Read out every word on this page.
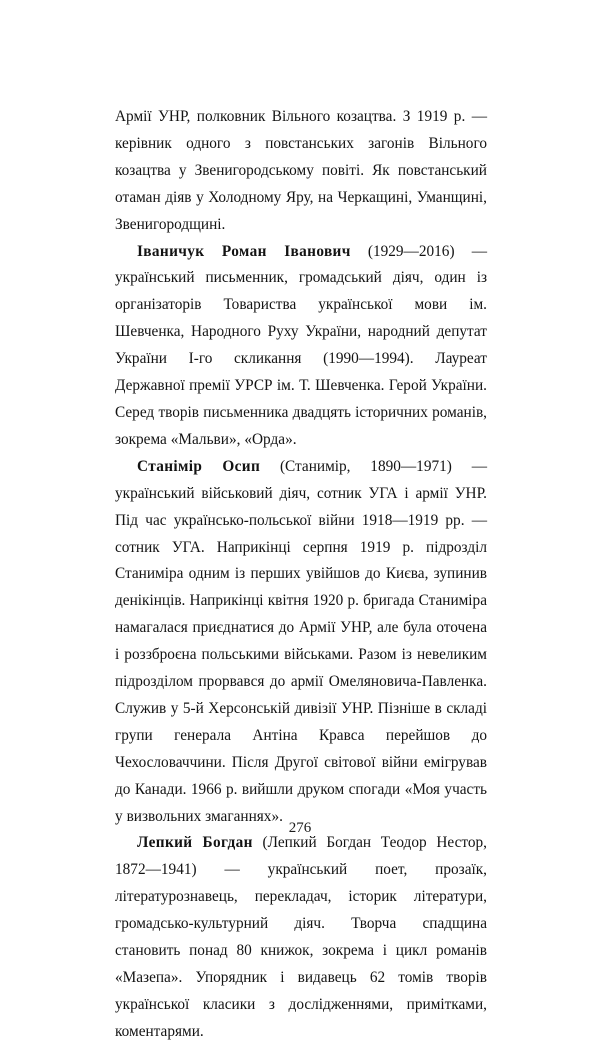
Армії УНР, полковник Вільного козацтва. З 1919 р. — керівник одного з повстанських загонів Вільного козацтва у Звенигородському повіті. Як повстанський отаман діяв у Холодному Яру, на Черкащині, Уманщині, Звенигородщині.

Іваничук Роман Іванович (1929—2016) — український письменник, громадський діяч, один із організаторів Товариства української мови ім. Шевченка, Народного Руху України, народний депутат України І-го скликання (1990—1994). Лауреат Державної премії УРСР ім. Т. Шевченка. Герой України. Серед творів письменника двадцять історичних романів, зокрема «Мальви», «Орда».

Станімір Осип (Станимір, 1890—1971) — український військовий діяч, сотник УГА і армії УНР. Під час українсько-польської війни 1918—1919 рр. — сотник УГА. Наприкінці серпня 1919 р. підрозділ Станиміра одним із перших увійшов до Києва, зупинив денікінців. Наприкінці квітня 1920 р. бригада Станиміра намагалася приєднатися до Армії УНР, але була оточена і роззброєна польськими військами. Разом із невеликим підрозділом прорвався до армії Омеляновича-Павленка. Служив у 5-й Херсонській дивізії УНР. Пізніше в складі групи генерала Антіна Кравса перейшов до Чехословаччини. Після Другої світової війни емігрував до Канади. 1966 р. вийшли друком спогади «Моя участь у визвольних змаганнях».

Лепкий Богдан (Лепкий Богдан Теодор Нестор, 1872—1941) — український поет, прозаїк, літературознавець, перекладач, історик літератури, громадсько-культурний діяч. Творча спадщина становить понад 80 книжок, зокрема і цикл романів «Мазепа». Упорядник і видавець 62 томів творів української класики з дослідженнями, примітками, коментарями.

276
